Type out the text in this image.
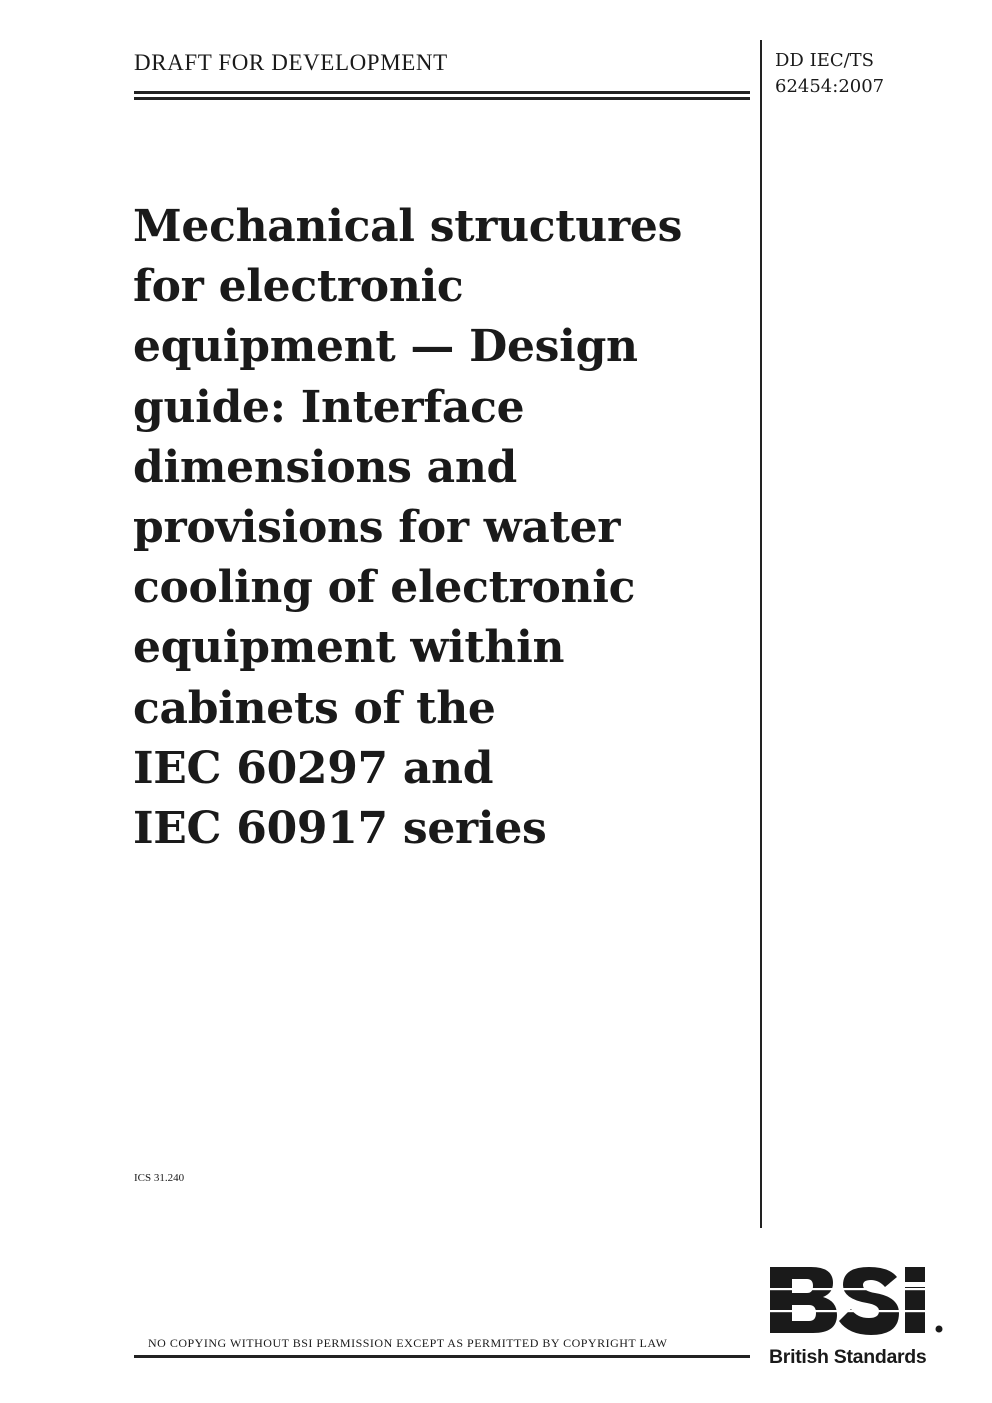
DRAFT FOR DEVELOPMENT	DD IEC/TS
62454:2007
Mechanical structures
for electronic
equipment — Design
guide: Interface
dimensions and
provisions for water
cooling of electronic
equipment within
cabinets of the
IEC 60297 and
IEC 60917 series
ICS 31.240
NO COPYING WITHOUT BSI PERMISSION EXCEPT AS PERMITTED BY COPYRIGHT LAW
BSI
British Standards
